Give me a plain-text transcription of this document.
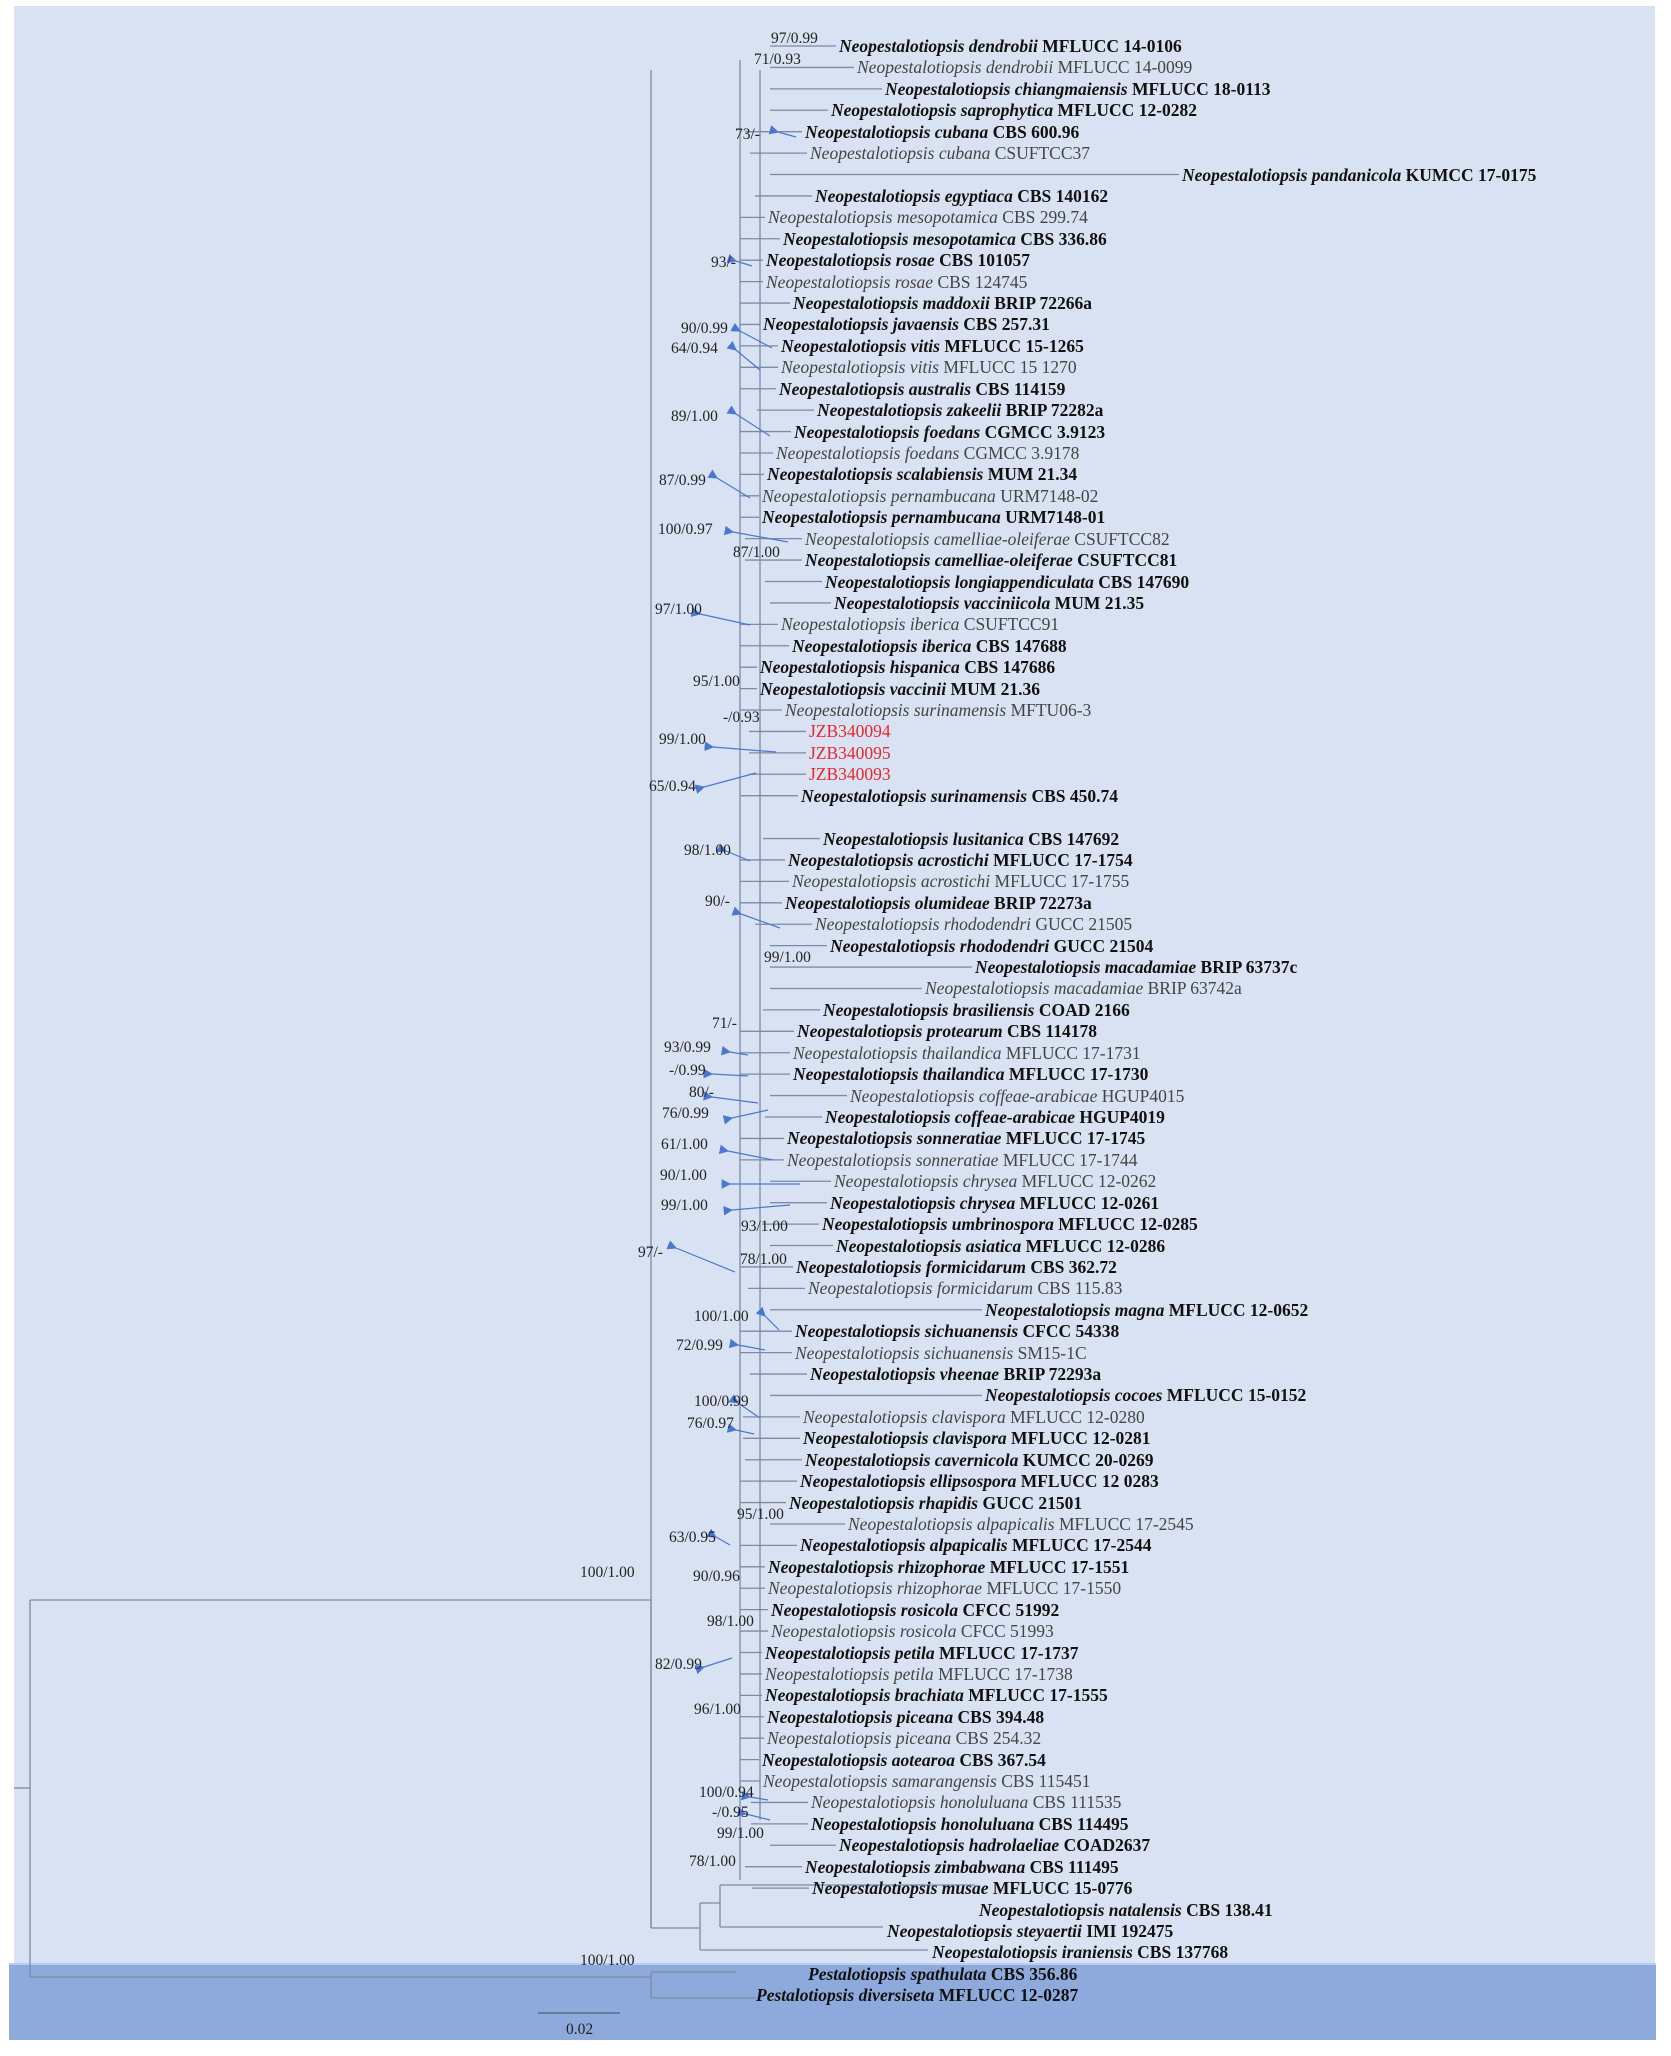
Neopestalotiopsis dendrobii MFLUCC 14-0106
Neopestalotiopsis dendrobii MFLUCC 14-0099
Neopestalotiopsis chiangmaiensis MFLUCC 18-0113
Neopestalotiopsis saprophytica MFLUCC 12-0282
Neopestalotiopsis cubana CBS 600.96
Neopestalotiopsis cubana CSUFTCC37
Neopestalotiopsis pandanicola KUMCC 17-0175
Neopestalotiopsis egyptiaca CBS 140162
Neopestalotiopsis mesopotamica CBS 299.74
Neopestalotiopsis mesopotamica CBS 336.86
Neopestalotiopsis rosae CBS 101057
Neopestalotiopsis rosae CBS 124745
Neopestalotiopsis maddoxii BRIP 72266a
Neopestalotiopsis javaensis CBS 257.31
Neopestalotiopsis vitis MFLUCC 15-1265
Neopestalotiopsis vitis MFLUCC 15 1270
Neopestalotiopsis australis CBS 114159
Neopestalotiopsis zakeelii BRIP 72282a
Neopestalotiopsis foedans CGMCC 3.9123
Neopestalotiopsis foedans CGMCC 3.9178
Neopestalotiopsis scalabiensis MUM 21.34
Neopestalotiopsis pernambucana URM7148-02
Neopestalotiopsis pernambucana URM7148-01
Neopestalotiopsis camelliae-oleiferae CSUFTCC82
Neopestalotiopsis camelliae-oleiferae CSUFTCC81
Neopestalotiopsis longiappendiculata CBS 147690
Neopestalotiopsis vacciniicola MUM 21.35
Neopestalotiopsis iberica CSUFTCC91
Neopestalotiopsis iberica CBS 147688
Neopestalotiopsis hispanica CBS 147686
Neopestalotiopsis vaccinii MUM 21.36
Neopestalotiopsis surinamensis MFTU06-3
JZB340094
JZB340095
JZB340093
Neopestalotiopsis surinamensis CBS 450.74
Neopestalotiopsis lusitanica CBS 147692
Neopestalotiopsis acrostichi MFLUCC 17-1754
Neopestalotiopsis acrostichi MFLUCC 17-1755
Neopestalotiopsis olumideae BRIP 72273a
Neopestalotiopsis rhododendri GUCC 21505
Neopestalotiopsis rhododendri GUCC 21504
Neopestalotiopsis macadamiae BRIP 63737c
Neopestalotiopsis macadamiae BRIP 63742a
Neopestalotiopsis brasiliensis COAD 2166
Neopestalotiopsis protearum CBS 114178
Neopestalotiopsis thailandica MFLUCC 17-1731
Neopestalotiopsis thailandica MFLUCC 17-1730
Neopestalotiopsis coffeae-arabicae HGUP4015
Neopestalotiopsis coffeae-arabicae HGUP4019
Neopestalotiopsis sonneratiae MFLUCC 17-1745
Neopestalotiopsis sonneratiae MFLUCC 17-1744
Neopestalotiopsis chrysea MFLUCC 12-0262
Neopestalotiopsis chrysea MFLUCC 12-0261
Neopestalotiopsis umbrinospora MFLUCC 12-0285
Neopestalotiopsis asiatica MFLUCC 12-0286
Neopestalotiopsis formicidarum CBS 362.72
Neopestalotiopsis formicidarum CBS 115.83
Neopestalotiopsis magna MFLUCC 12-0652
Neopestalotiopsis sichuanensis CFCC 54338
Neopestalotiopsis sichuanensis SM15-1C
Neopestalotiopsis vheenae BRIP 72293a
Neopestalotiopsis cocoes MFLUCC 15-0152
Neopestalotiopsis clavispora MFLUCC 12-0280
Neopestalotiopsis clavispora MFLUCC 12-0281
Neopestalotiopsis cavernicola KUMCC 20-0269
Neopestalotiopsis ellipsospora MFLUCC 12 0283
Neopestalotiopsis rhapidis GUCC 21501
Neopestalotiopsis alpapicalis MFLUCC 17-2545
Neopestalotiopsis alpapicalis MFLUCC 17-2544
Neopestalotiopsis rhizophorae MFLUCC 17-1551
Neopestalotiopsis rhizophorae MFLUCC 17-1550
Neopestalotiopsis rosicola CFCC 51992
Neopestalotiopsis rosicola CFCC 51993
Neopestalotiopsis petila MFLUCC 17-1737
Neopestalotiopsis petila MFLUCC 17-1738
Neopestalotiopsis brachiata MFLUCC 17-1555
Neopestalotiopsis piceana CBS 394.48
Neopestalotiopsis piceana CBS 254.32
Neopestalotiopsis aotearoa CBS 367.54
Neopestalotiopsis samarangensis CBS 115451
Neopestalotiopsis honoluluana CBS 111535
Neopestalotiopsis honoluluana CBS 114495
Neopestalotiopsis hadrolaeliae COAD2637
Neopestalotiopsis zimbabwana CBS 111495
Neopestalotiopsis musae MFLUCC 15-0776
Neopestalotiopsis natalensis CBS 138.41
Neopestalotiopsis steyaertii IMI 192475
Neopestalotiopsis iraniensis CBS 137768
Pestalotiopsis spathulata CBS 356.86
Pestalotiopsis diversiseta MFLUCC 12-0287
97/0.99
71/0.93
73/-
93/-
90/0.99
64/0.94
89/1.00
87/0.99
100/0.97
87/1.00
97/1.00
95/1.00
-/0.93
99/1.00
65/0.94
98/1.00
90/-
99/1.00
71/-
93/0.99
-/0.99
80/-
76/0.99
61/1.00
90/1.00
99/1.00
93/1.00
97/-	78/1.00
100/1.00
72/0.99
100/0.99
76/0.97
95/1.00
63/0.95
90/0.96
98/1.00
82/0.99
96/1.00
100/0.94
-/0.95
99/1.00
78/1.00
100/1.00
100/1.00
0.02
